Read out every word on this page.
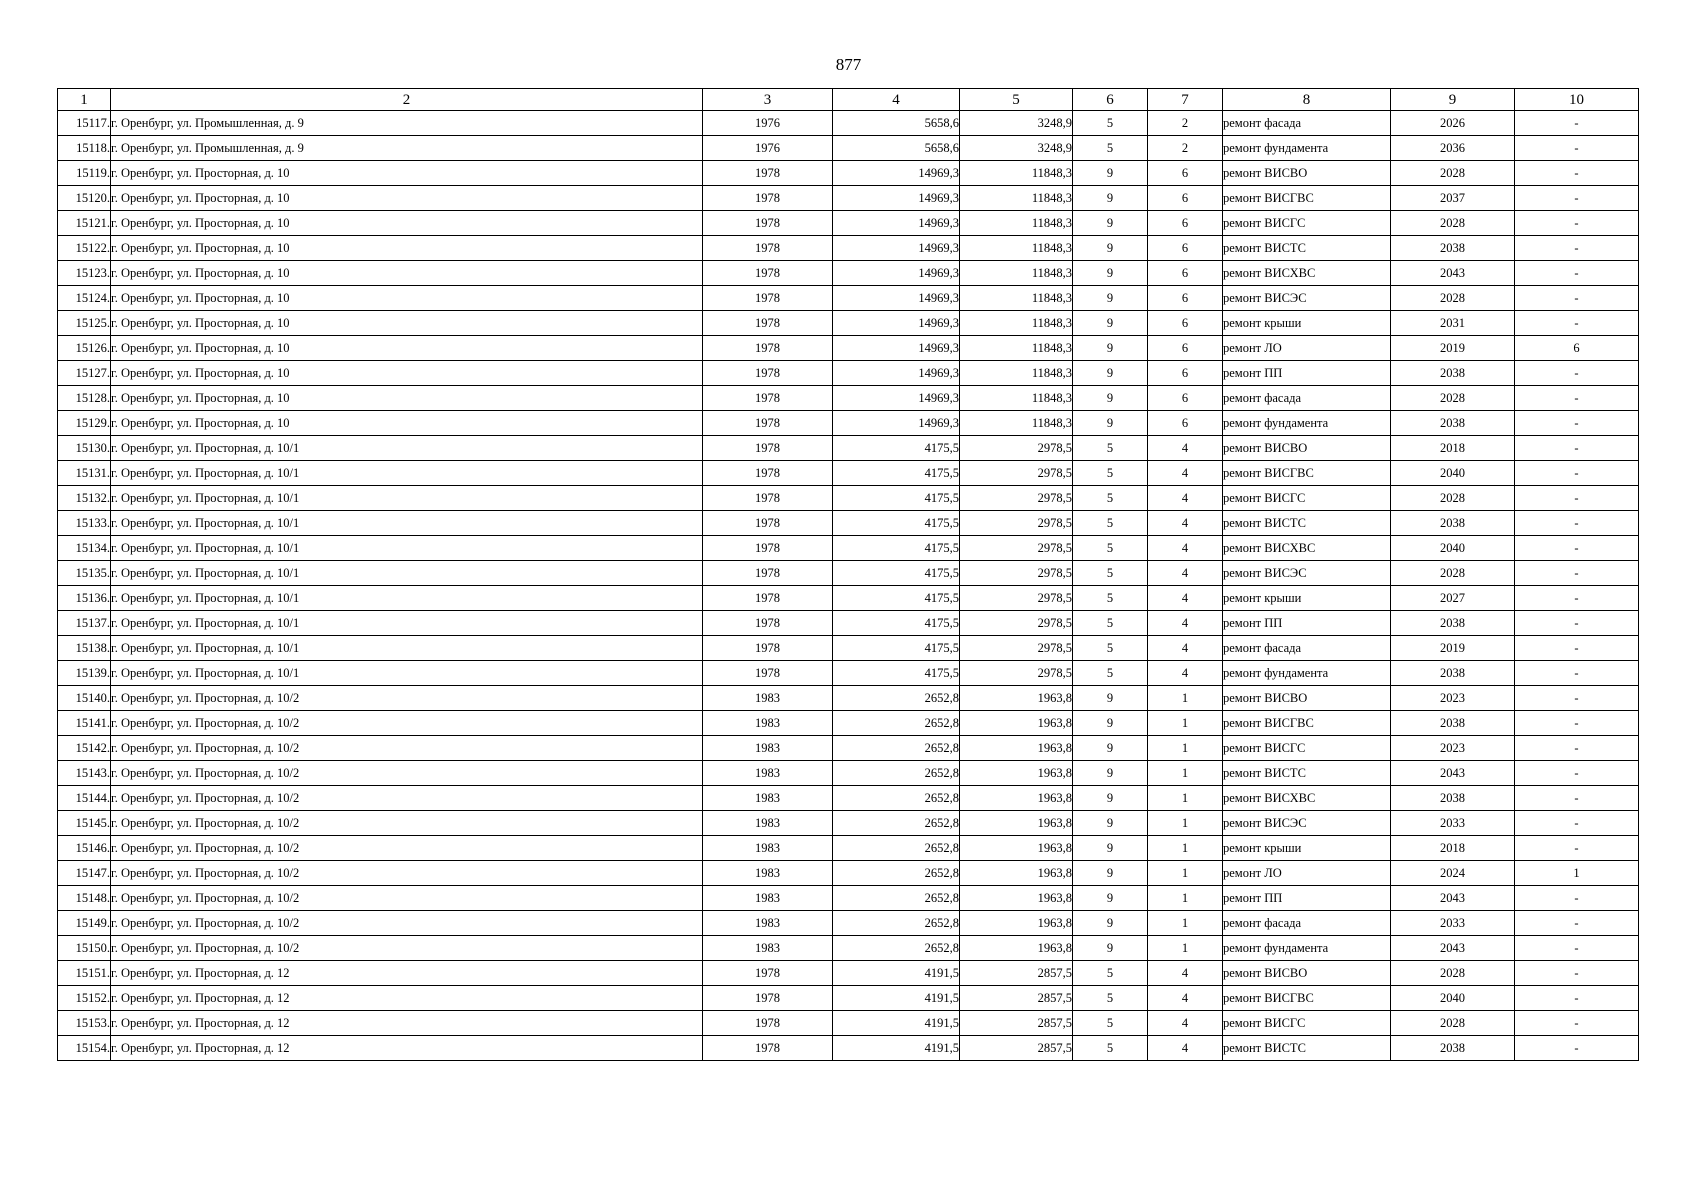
877
1	2	3	4	5	6	7	8	9	10
15117.	г. Оренбург, ул. Промышленная, д. 9	1976	5658,6	3248,9	5	2	ремонт фасада	2026	-
15118.	г. Оренбург, ул. Промышленная, д. 9	1976	5658,6	3248,9	5	2	ремонт фундамента	2036	-
15119.	г. Оренбург, ул. Просторная, д. 10	1978	14969,3	11848,3	9	6	ремонт ВИСВО	2028	-
15120.	г. Оренбург, ул. Просторная, д. 10	1978	14969,3	11848,3	9	6	ремонт ВИСГВС	2037	-
15121.	г. Оренбург, ул. Просторная, д. 10	1978	14969,3	11848,3	9	6	ремонт ВИСГС	2028	-
15122.	г. Оренбург, ул. Просторная, д. 10	1978	14969,3	11848,3	9	6	ремонт ВИСТС	2038	-
15123.	г. Оренбург, ул. Просторная, д. 10	1978	14969,3	11848,3	9	6	ремонт ВИСХВС	2043	-
15124.	г. Оренбург, ул. Просторная, д. 10	1978	14969,3	11848,3	9	6	ремонт ВИСЭС	2028	-
15125.	г. Оренбург, ул. Просторная, д. 10	1978	14969,3	11848,3	9	6	ремонт крыши	2031	-
15126.	г. Оренбург, ул. Просторная, д. 10	1978	14969,3	11848,3	9	6	ремонт ЛО	2019	6
15127.	г. Оренбург, ул. Просторная, д. 10	1978	14969,3	11848,3	9	6	ремонт ПП	2038	-
15128.	г. Оренбург, ул. Просторная, д. 10	1978	14969,3	11848,3	9	6	ремонт фасада	2028	-
15129.	г. Оренбург, ул. Просторная, д. 10	1978	14969,3	11848,3	9	6	ремонт фундамента	2038	-
15130.	г. Оренбург, ул. Просторная, д. 10/1	1978	4175,5	2978,5	5	4	ремонт ВИСВО	2018	-
15131.	г. Оренбург, ул. Просторная, д. 10/1	1978	4175,5	2978,5	5	4	ремонт ВИСГВС	2040	-
15132.	г. Оренбург, ул. Просторная, д. 10/1	1978	4175,5	2978,5	5	4	ремонт ВИСГС	2028	-
15133.	г. Оренбург, ул. Просторная, д. 10/1	1978	4175,5	2978,5	5	4	ремонт ВИСТС	2038	-
15134.	г. Оренбург, ул. Просторная, д. 10/1	1978	4175,5	2978,5	5	4	ремонт ВИСХВС	2040	-
15135.	г. Оренбург, ул. Просторная, д. 10/1	1978	4175,5	2978,5	5	4	ремонт ВИСЭС	2028	-
15136.	г. Оренбург, ул. Просторная, д. 10/1	1978	4175,5	2978,5	5	4	ремонт крыши	2027	-
15137.	г. Оренбург, ул. Просторная, д. 10/1	1978	4175,5	2978,5	5	4	ремонт ПП	2038	-
15138.	г. Оренбург, ул. Просторная, д. 10/1	1978	4175,5	2978,5	5	4	ремонт фасада	2019	-
15139.	г. Оренбург, ул. Просторная, д. 10/1	1978	4175,5	2978,5	5	4	ремонт фундамента	2038	-
15140.	г. Оренбург, ул. Просторная, д. 10/2	1983	2652,8	1963,8	9	1	ремонт ВИСВО	2023	-
15141.	г. Оренбург, ул. Просторная, д. 10/2	1983	2652,8	1963,8	9	1	ремонт ВИСГВС	2038	-
15142.	г. Оренбург, ул. Просторная, д. 10/2	1983	2652,8	1963,8	9	1	ремонт ВИСГС	2023	-
15143.	г. Оренбург, ул. Просторная, д. 10/2	1983	2652,8	1963,8	9	1	ремонт ВИСТС	2043	-
15144.	г. Оренбург, ул. Просторная, д. 10/2	1983	2652,8	1963,8	9	1	ремонт ВИСХВС	2038	-
15145.	г. Оренбург, ул. Просторная, д. 10/2	1983	2652,8	1963,8	9	1	ремонт ВИСЭС	2033	-
15146.	г. Оренбург, ул. Просторная, д. 10/2	1983	2652,8	1963,8	9	1	ремонт крыши	2018	-
15147.	г. Оренбург, ул. Просторная, д. 10/2	1983	2652,8	1963,8	9	1	ремонт ЛО	2024	1
15148.	г. Оренбург, ул. Просторная, д. 10/2	1983	2652,8	1963,8	9	1	ремонт ПП	2043	-
15149.	г. Оренбург, ул. Просторная, д. 10/2	1983	2652,8	1963,8	9	1	ремонт фасада	2033	-
15150.	г. Оренбург, ул. Просторная, д. 10/2	1983	2652,8	1963,8	9	1	ремонт фундамента	2043	-
15151.	г. Оренбург, ул. Просторная, д. 12	1978	4191,5	2857,5	5	4	ремонт ВИСВО	2028	-
15152.	г. Оренбург, ул. Просторная, д. 12	1978	4191,5	2857,5	5	4	ремонт ВИСГВС	2040	-
15153.	г. Оренбург, ул. Просторная, д. 12	1978	4191,5	2857,5	5	4	ремонт ВИСГС	2028	-
15154.	г. Оренбург, ул. Просторная, д. 12	1978	4191,5	2857,5	5	4	ремонт ВИСТС	2038	-
